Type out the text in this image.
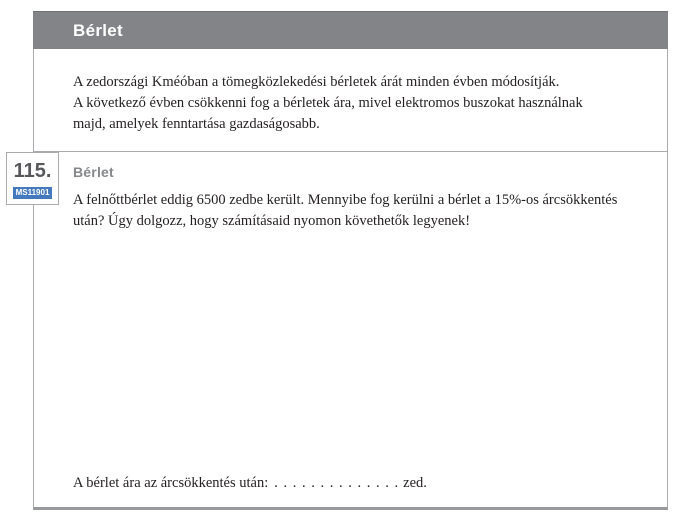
Bérlet
A zedországi Kméóban a tömegközlekedési bérletek árát minden évben módosítják.
A következő évben csökkenni fog a bérletek ára, mivel elektromos buszokat használnak
majd, amelyek fenntartása gazdaságosabb.
Bérlet
A felnőttbérlet eddig 6500 zedbe került. Mennyibe fog kerülni a bérlet a 15%-os árcsökkentés
után? Úgy dolgozz, hogy számításaid nyomon követhetők legyenek!
A bérlet ára az árcsökkentés után: . . . . . . . . . . . . . . zed.
115.
MS11901
